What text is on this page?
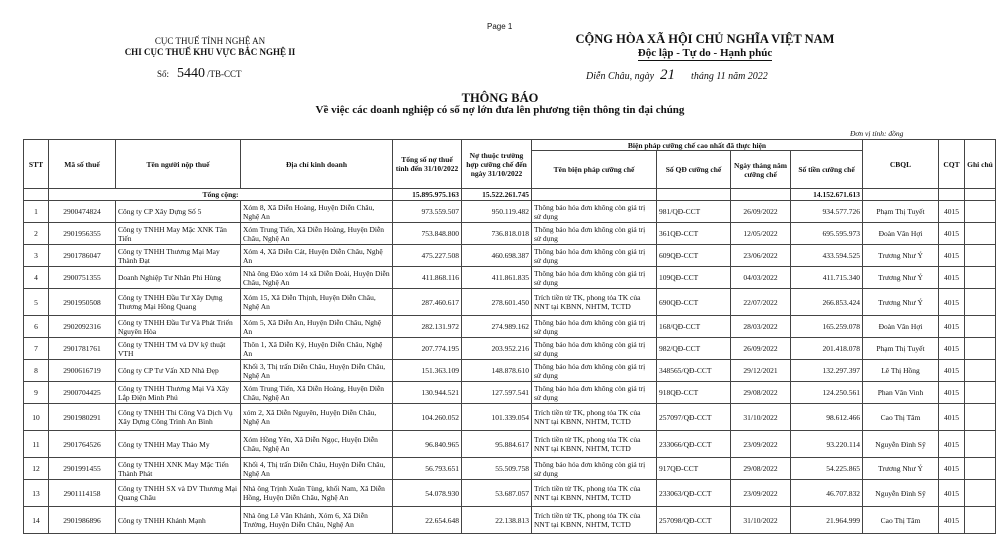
Page 1
CỤC THUẾ TỈNH NGHỆ AN
CHI CỤC THUẾ KHU VỰC BẮC NGHỆ II
CỘNG HÒA XÃ HỘI CHỦ NGHĨA VIỆT NAM
Độc lập - Tự do - Hạnh phúc
Số: 5440 /TB-CCT	Diễn Châu, ngày 21 tháng 11 năm 2022
THÔNG BÁO
Về việc các doanh nghiệp có số nợ lớn đưa lên phương tiện thông tin đại chúng
Đơn vị tính: đồng
STT	Mã số thuế	Tên người nộp thuế	Địa chỉ kinh doanh	Tổng số nợ thuế tính đến 31/10/2022	Nợ thuộc trường hợp cưỡng chế đến ngày 31/10/2022	Biện pháp cưỡng chế cao nhất đã thực hiện				CBQL	CQT	Ghi chú
						Tên biện pháp cưỡng chế	Số QĐ cưỡng chế	Ngày tháng năm cưỡng chế	Số tiền cưỡng chế			
	Tổng cộng:			15.895.975.163	15.522.261.745				14.152.671.613			
1	2900474824	Công ty CP Xây Dựng Số 5	Xóm 8, Xã Diễn Hoàng, Huyện Diễn Châu, Nghệ An	973.559.507	950.119.482	Thông báo hóa đơn không còn giá trị sử dụng	981/QĐ-CCT	26/09/2022	934.577.726	Phạm Thị Tuyết	4015	
2	2901956355	Công ty TNHH May Mặc XNK Tân Tiến	Xóm Trung Tiến, Xã Diễn Hoàng, Huyện Diễn Châu, Nghệ An	753.848.800	736.818.018	Thông báo hóa đơn không còn giá trị sử dụng	361QĐ-CCT	12/05/2022	695.595.973	Đoàn Văn Hợi	4015	
3	2901786047	Công ty TNHH Thương Mại May Thành Đạt	Xóm 4, Xã Diễn Cát, Huyện Diễn Châu, Nghệ An	475.227.508	460.698.387	Thông báo hóa đơn không còn giá trị sử dụng	609QĐ-CCT	23/06/2022	433.594.525	Trương Như Ý	4015	
4	2900751355	Doanh Nghiệp Tư Nhân Phi Hùng	Nhà ông Đào xóm 14 xã Diễn Đoài, Huyện Diễn Châu, Nghệ An	411.868.116	411.861.835	Thông báo hóa đơn không còn giá trị sử dụng	109QĐ-CCT	04/03/2022	411.715.340	Trương Như Ý	4015	
5	2901950508	Công ty TNHH Đầu Tư Xây Dựng Thương Mại Hồng Quang	Xóm 15, Xã Diễn Thịnh, Huyện Diễn Châu, Nghệ An	287.460.617	278.601.450	Trích tiền từ TK, phong tỏa TK của NNT tại KBNN, NHTM, TCTD	690QĐ-CCT	22/07/2022	266.853.424	Trương Như Ý	4015	
6	2902092316	Công ty TNHH Đầu Tư Và Phát Triển Nguyên Hòa	Xóm 5, Xã Diễn An, Huyện Diễn Châu, Nghệ An	282.131.972	274.989.162	Thông báo hóa đơn không còn giá trị sử dụng	168/QĐ-CCT	28/03/2022	165.259.078	Đoàn Văn Hợi	4015	
7	2901781761	Công ty TNHH TM và DV kỹ thuật VTH	Thôn 1, Xã Diễn Kỷ, Huyện Diễn Châu, Nghệ An	207.774.195	203.952.216	Thông báo hóa đơn không còn giá trị sử dụng	982/QĐ-CCT	26/09/2022	201.418.078	Phạm Thị Tuyết	4015	
8	2900616719	Công ty CP Tư Vấn XD Nhà Đẹp	Khối 3, Thị trấn Diễn Châu, Huyện Diễn Châu, Nghệ An	151.363.109	148.878.610	Thông báo hóa đơn không còn giá trị sử dụng	348565/QĐ-CCT	29/12/2021	132.297.397	Lê Thị Hồng	4015	
9	2900704425	Công ty TNHH Thương Mại Và Xây Lắp Điện Minh Phú	Xóm Trung Tiến, Xã Diễn Hoàng, Huyện Diễn Châu, Nghệ An	130.944.521	127.597.541	Thông báo hóa đơn không còn giá trị sử dụng	918QĐ-CCT	29/08/2022	124.250.561	Phan Văn Vinh	4015	
10	2901980291	Công ty TNHH Thi Công Và Dịch Vụ Xây Dựng Công Trình An Bình	xóm 2, Xã Diễn Nguyên, Huyện Diễn Châu, Nghệ An	104.260.052	101.339.054	Trích tiền từ TK, phong tỏa TK của NNT tại KBNN, NHTM, TCTD	257097/QĐ-CCT	31/10/2022	98.612.466	Cao Thị Tâm	4015	
11	2901764526	Công ty TNHH May Thảo My	Xóm Hồng Yên, Xã Diễn Ngọc, Huyện Diễn Châu, Nghệ An	96.840.965	95.884.617	Trích tiền từ TK, phong tỏa TK của NNT tại KBNN, NHTM, TCTD	233066/QĐ-CCT	23/09/2022	93.220.114	Nguyễn Đình Sỹ	4015	
12	2901991455	Công ty TNHH XNK May Mặc Tiến Thành Phát	Khối 4, Thị trấn Diễn Châu, Huyện Diễn Châu, Nghệ An	56.793.651	55.509.758	Thông báo hóa đơn không còn giá trị sử dụng	917QĐ-CCT	29/08/2022	54.225.865	Trương Như Ý	4015	
13	2901114158	Công ty TNHH SX và DV Thương Mại Quang Châu	Nhà ông Trịnh Xuân Tùng, khối Nam, Xã Diễn Hồng, Huyện Diễn Châu, Nghệ An	54.078.930	53.687.057	Trích tiền từ TK, phong tỏa TK của NNT tại KBNN, NHTM, TCTD	233063/QĐ-CCT	23/09/2022	46.707.832	Nguyễn Đình Sỹ	4015	
14	2901986896	Công ty TNHH Khánh Mạnh	Nhà ông Lê Văn Khánh, Xóm 6, Xã Diễn Trường, Huyện Diễn Châu, Nghệ An	22.654.648	22.138.813	Trích tiền từ TK, phong tỏa TK của NNT tại KBNN, NHTM, TCTD	257098/QĐ-CCT	31/10/2022	21.964.999	Cao Thị Tâm	4015	
